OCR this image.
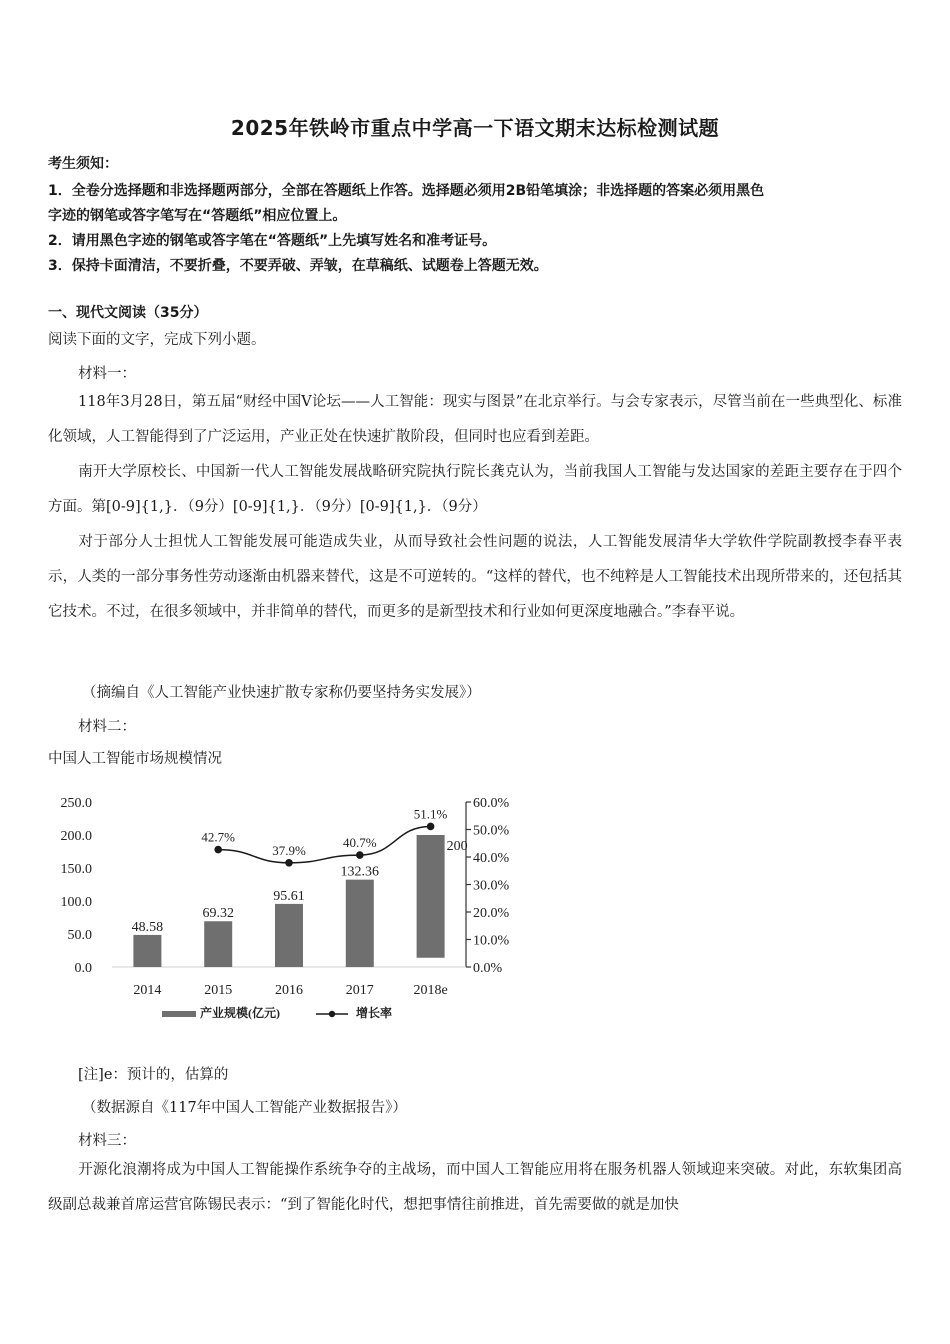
2025年铁岭市重点中学高一下语文期末达标检测试题
考生须知：
1．全卷分选择题和非选择题两部分，全部在答题纸上作答。选择题必须用2B铅笔填涂；非选择题的答案必须用黑色
字迹的钢笔或答字笔写在“答题纸”相应位置上。
2．请用黑色字迹的钢笔或答字笔在“答题纸”上先填写姓名和准考证号。
3．保持卡面清洁，不要折叠，不要弄破、弄皱，在草稿纸、试题卷上答题无效。
一、现代文阅读（35分）
阅读下面的文字，完成下列小题。
材料一：
118年3月28日，第五届“财经中国V论坛——人工智能：现实与图景”在北京举行。与会专家表示，尽管当前在一些典型化、标准化领域，人工智能得到了广泛运用，产业正处在快速扩散阶段，但同时也应看到差距。
南开大学原校长、中国新一代人工智能发展战略研究院执行院长龚克认为，当前我国人工智能与发达国家的差距主要存在于四个方面。第[0-9]{1,}．（9分）[0-9]{1,}．（9分）[0-9]{1,}．（9分）
对于部分人士担忧人工智能发展可能造成失业，从而导致社会性问题的说法，人工智能发展清华大学软件学院副教授李春平表示，人类的一部分事务性劳动逐渐由机器来替代，这是不可逆转的。“这样的替代，也不纯粹是人工智能技术出现所带来的，还包括其它技术。不过，在很多领域中，并非简单的替代，而更多的是新型技术和行业如何更深度地融合。”李春平说。
（摘编自《人工智能产业快速扩散专家称仍要坚持务实发展》）
材料二：
中国人工智能市场规模情况
0.0
50.0
100.0
150.0
200.0
250.0
0.0%
10.0%
20.0%
30.0%
40.0%
50.0%
60.0%
48.58
69.32
95.61
132.36
200
42.7%
37.9%
40.7%
51.1%
2014	2015	2016	2017	2018e
产业规模(亿元)	增长率
[注]e：预计的，估算的
（数据源自《117年中国人工智能产业数据报告》）
材料三：
开源化浪潮将成为中国人工智能操作系统争夺的主战场，而中国人工智能应用将在服务机器人领域迎来突破。对此，东软集团高级副总裁兼首席运营官陈锡民表示：“到了智能化时代，想把事情往前推进，首先需要做的就是加快
